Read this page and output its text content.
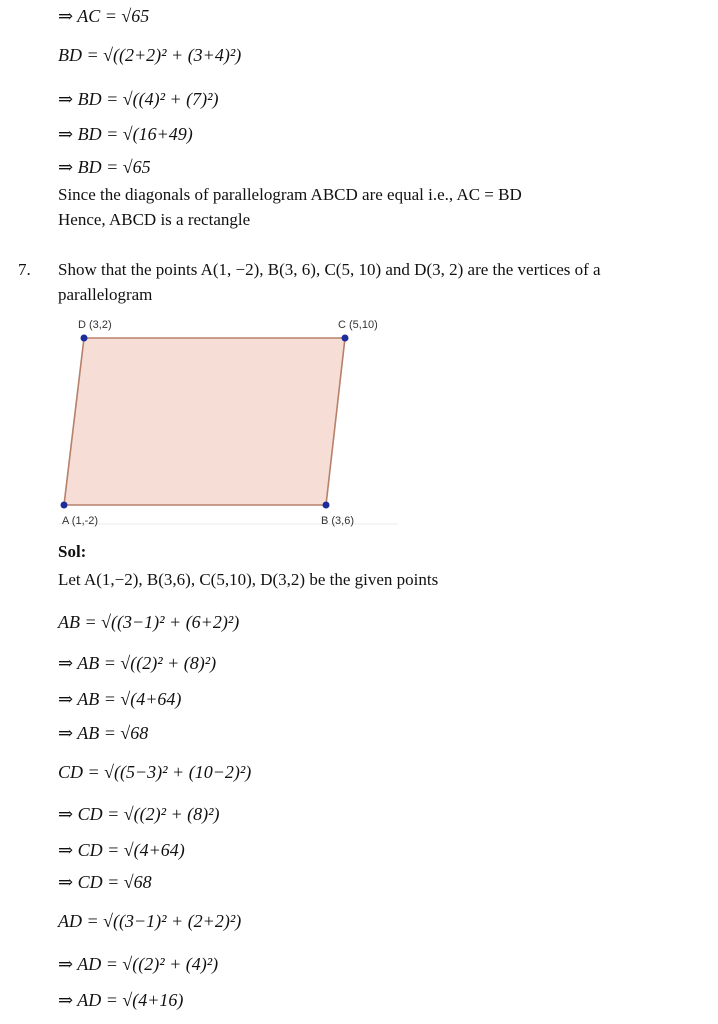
⇒ AC = √65
BD = √((2+2)² + (3+4)²)
⇒ BD = √((4)² + (7)²)
⇒ BD = √(16+49)
⇒ BD = √65
Since the diagonals of parallelogram ABCD are equal i.e., AC = BD
Hence, ABCD is a rectangle
7. Show that the points A(1, −2), B(3, 6), C(5, 10) and D(3, 2) are the vertices of a
parallelogram
D (3,2)	C (5,10)
A (1,-2)	B (3,6)
Sol:
Let A(1,−2), B(3,6), C(5,10), D(3,2) be the given points
AB = √((3−1)² + (6+2)²)
⇒ AB = √((2)² + (8)²)
⇒ AB = √(4+64)
⇒ AB = √68
CD = √((5−3)² + (10−2)²)
⇒ CD = √((2)² + (8)²)
⇒ CD = √(4+64)
⇒ CD = √68
AD = √((3−1)² + (2+2)²)
⇒ AD = √((2)² + (4)²)
⇒ AD = √(4+16)
